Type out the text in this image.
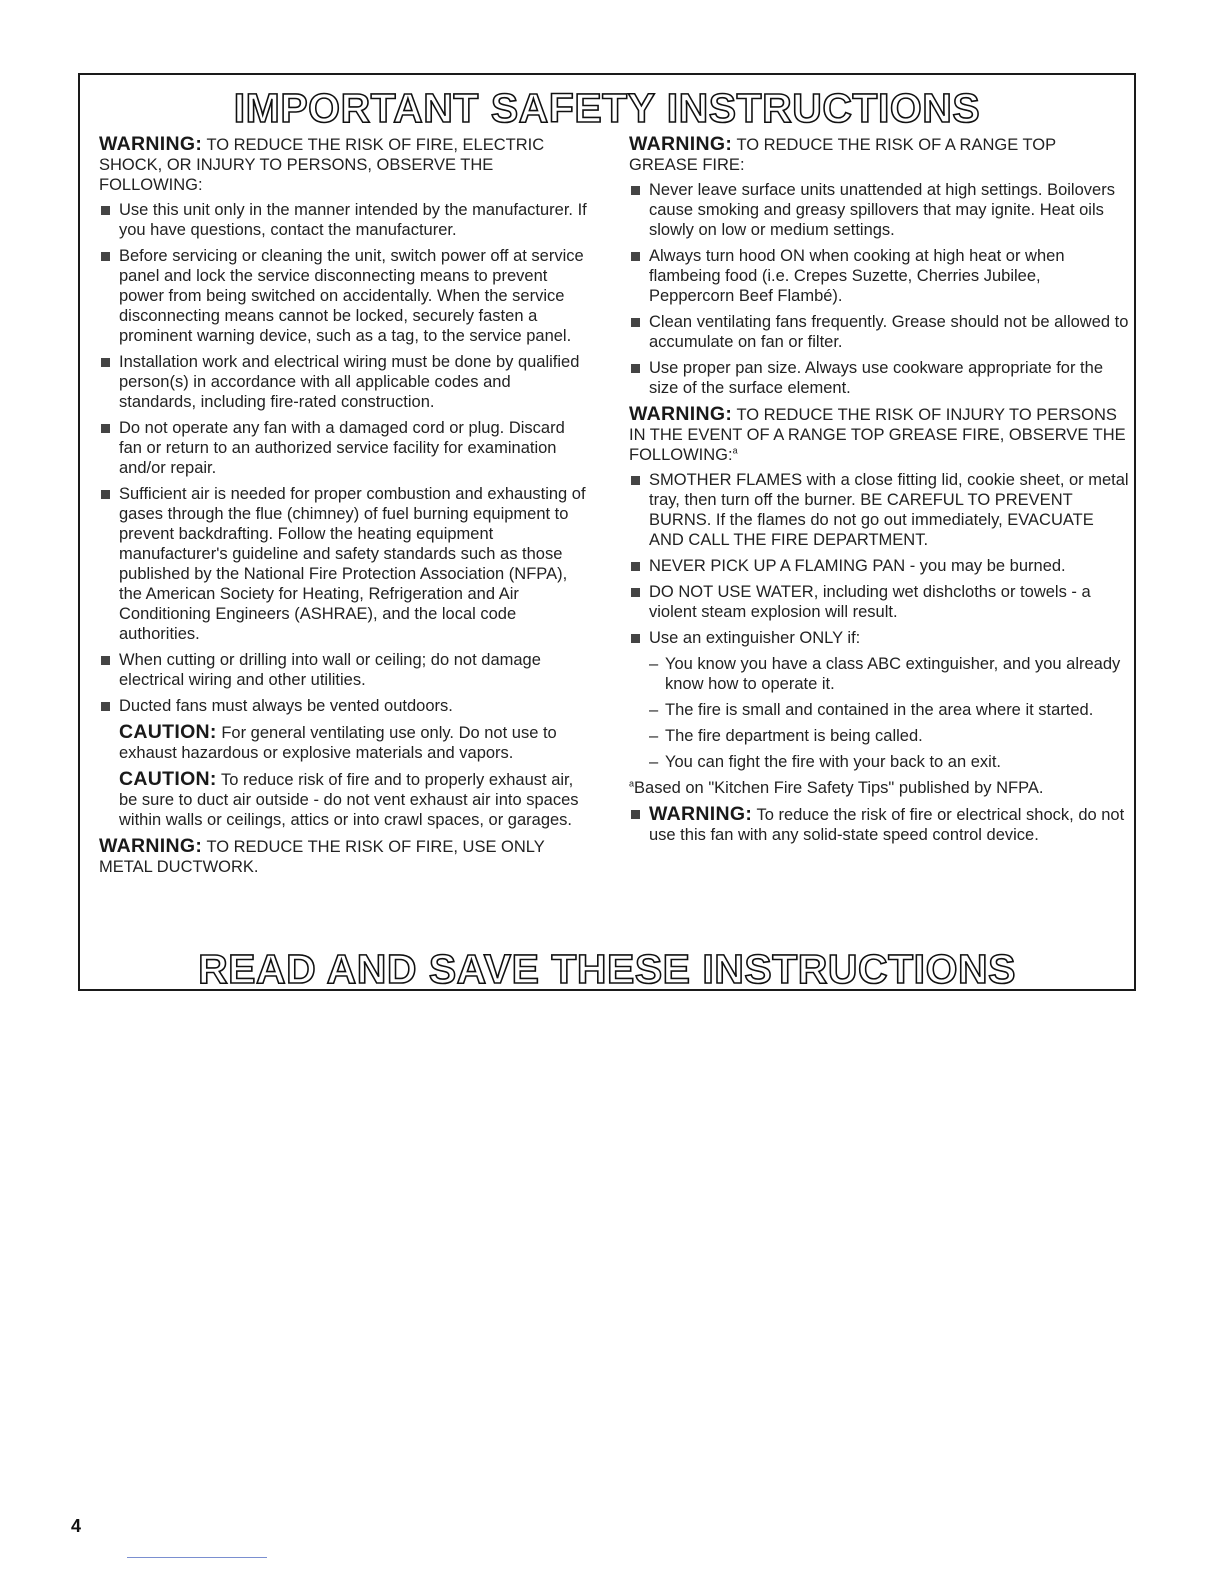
IMPORTANT SAFETY INSTRUCTIONS

WARNING: TO REDUCE THE RISK OF FIRE, ELECTRIC SHOCK, OR INJURY TO PERSONS, OBSERVE THE FOLLOWING:

Use this unit only in the manner intended by the manufacturer. If you have questions, contact the manufacturer.
Before servicing or cleaning the unit, switch power off at service panel and lock the service disconnecting means to prevent power from being switched on accidentally. When the service disconnecting means cannot be locked, securely fasten a prominent warning device, such as a tag, to the service panel.
Installation work and electrical wiring must be done by qualified person(s) in accordance with all applicable codes and standards, including fire-rated construction.
Do not operate any fan with a damaged cord or plug. Discard fan or return to an authorized service facility for examination and/or repair.
Sufficient air is needed for proper combustion and exhausting of gases through the flue (chimney) of fuel burning equipment to prevent backdrafting. Follow the heating equipment manufacturer's guideline and safety standards such as those published by the National Fire Protection Association (NFPA), the American Society for Heating, Refrigeration and Air Conditioning Engineers (ASHRAE), and the local code authorities.
When cutting or drilling into wall or ceiling; do not damage electrical wiring and other utilities.
Ducted fans must always be vented outdoors.

CAUTION: For general ventilating use only. Do not use to exhaust hazardous or explosive materials and vapors.

CAUTION: To reduce risk of fire and to properly exhaust air, be sure to duct air outside - do not vent exhaust air into spaces within walls or ceilings, attics or into crawl spaces, or garages.

WARNING: TO REDUCE THE RISK OF FIRE, USE ONLY METAL DUCTWORK.

WARNING: TO REDUCE THE RISK OF A RANGE TOP GREASE FIRE:

Never leave surface units unattended at high settings. Boilovers cause smoking and greasy spillovers that may ignite. Heat oils slowly on low or medium settings.
Always turn hood ON when cooking at high heat or when flambeing food (i.e. Crepes Suzette, Cherries Jubilee, Peppercorn Beef Flambé).
Clean ventilating fans frequently. Grease should not be allowed to accumulate on fan or filter.
Use proper pan size. Always use cookware appropriate for the size of the surface element.

WARNING: TO REDUCE THE RISK OF INJURY TO PERSONS IN THE EVENT OF A RANGE TOP GREASE FIRE, OBSERVE THE FOLLOWING:$^a$

SMOTHER FLAMES with a close fitting lid, cookie sheet, or metal tray, then turn off the burner. BE CAREFUL TO PREVENT BURNS. If the flames do not go out immediately, EVACUATE AND CALL THE FIRE DEPARTMENT.
NEVER PICK UP A FLAMING PAN - you may be burned.
DO NOT USE WATER, including wet dishcloths or towels - a violent steam explosion will result.
Use an extinguisher ONLY if:
– You know you have a class ABC extinguisher, and you already know how to operate it.
– The fire is small and contained in the area where it started.
– The fire department is being called.
– You can fight the fire with your back to an exit.

$^a$Based on "Kitchen Fire Safety Tips" published by NFPA.

WARNING: To reduce the risk of fire or electrical shock, do not use this fan with any solid-state speed control device.
READ AND SAVE THESE INSTRUCTIONS
4
